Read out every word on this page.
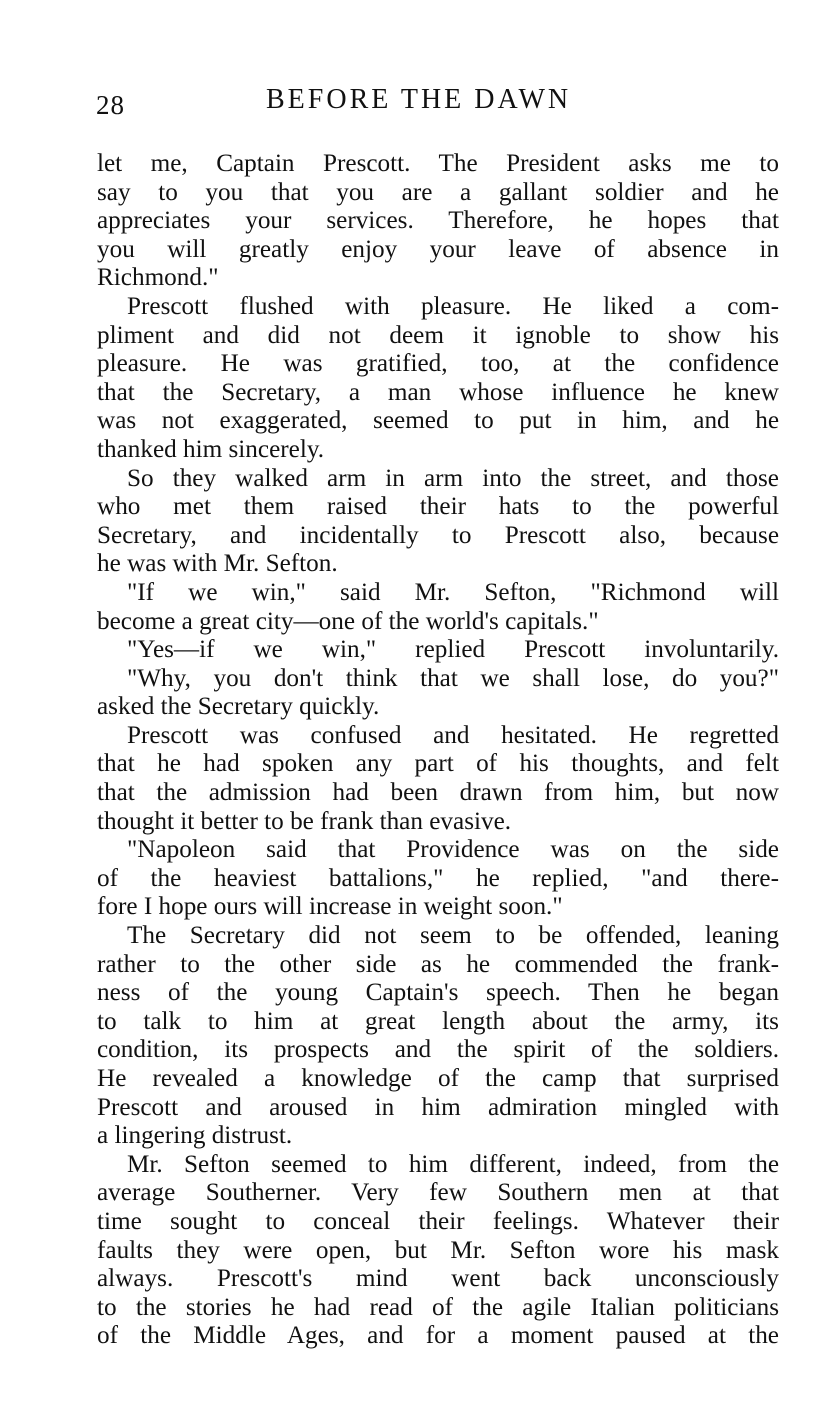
28	BEFORE THE DAWN
let me, Captain Prescott. The President asks me to
say to you that you are a gallant soldier and he
appreciates your services. Therefore, he hopes that
you will greatly enjoy your leave of absence in
Richmond."
Prescott flushed with pleasure. He liked a com-
pliment and did not deem it ignoble to show his
pleasure. He was gratified, too, at the confidence
that the Secretary, a man whose influence he knew
was not exaggerated, seemed to put in him, and he
thanked him sincerely.
So they walked arm in arm into the street, and those
who met them raised their hats to the powerful
Secretary, and incidentally to Prescott also, because
he was with Mr. Sefton.
"If we win," said Mr. Sefton, "Richmond will
become a great city—one of the world's capitals."
"Yes—if we win," replied Prescott involuntarily.
"Why, you don't think that we shall lose, do you?"
asked the Secretary quickly.
Prescott was confused and hesitated. He regretted
that he had spoken any part of his thoughts, and felt
that the admission had been drawn from him, but now
thought it better to be frank than evasive.
"Napoleon said that Providence was on the side
of the heaviest battalions," he replied, "and there-
fore I hope ours will increase in weight soon."
The Secretary did not seem to be offended, leaning
rather to the other side as he commended the frank-
ness of the young Captain's speech. Then he began
to talk to him at great length about the army, its
condition, its prospects and the spirit of the soldiers.
He revealed a knowledge of the camp that surprised
Prescott and aroused in him admiration mingled with
a lingering distrust.
Mr. Sefton seemed to him different, indeed, from the
average Southerner. Very few Southern men at that
time sought to conceal their feelings. Whatever their
faults they were open, but Mr. Sefton wore his mask
always. Prescott's mind went back unconsciously
to the stories he had read of the agile Italian politicians
of the Middle Ages, and for a moment paused at the
